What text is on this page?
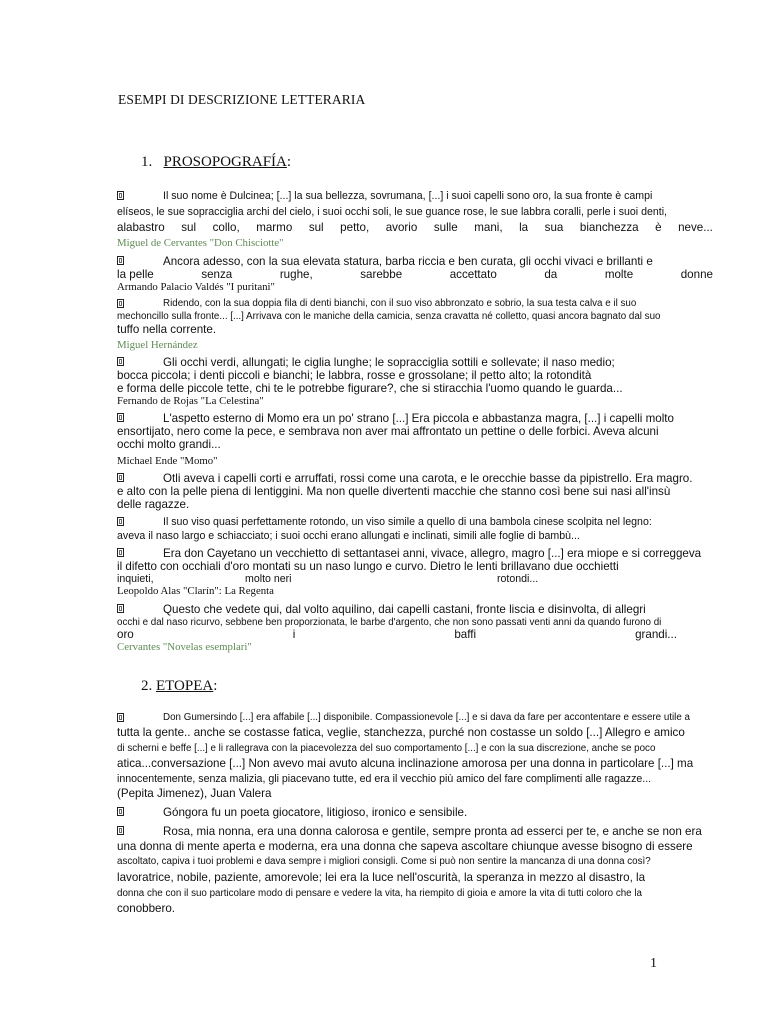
ESEMPI DI DESCRIZIONE LETTERARIA
1. PROSOPOGRAFÍA:
Il suo nome è Dulcinea; [...] la sua bellezza, sovrumana, [...] i suoi capelli sono oro, la sua fronte è campi
elíseos, le sue sopracciglia archi del cielo, i suoi occhi soli, le sue guance rose, le sue labbra coralli, perle i suoi denti,
alabastro sul collo, marmo sul petto, avorio sulle mani, la sua bianchezza è neve...
Miguel de Cervantes "Don Chisciotte"
Ancora adesso, con la sua elevata statura, barba riccia e ben curata, gli occhi vivaci e brillanti e
la pelle	senza	rughe,	sarebbe	accettato	da	molte	donne
Armando Palacio Valdés "I puritani"
Ridendo, con la sua doppia fila di denti bianchi, con il suo viso abbronzato e sobrio, la sua testa calva e il suo
mechoncillo sulla fronte... [...] Arrivava con le maniche della camicia, senza cravatta né colletto, quasi ancora bagnato dal suo
tuffo nella corrente.
Miguel Hernández
Gli occhi verdi, allungati; le ciglia lunghe; le sopracciglia sottili e sollevate; il naso medio;
bocca piccola; i denti piccoli e bianchi; le labbra, rosse e grossolane; il petto alto; la rotondità
e forma delle piccole tette, chi te le potrebbe figurare?, che si stiracchia l'uomo quando le guarda...
Fernando de Rojas "La Celestina"
L'aspetto esterno di Momo era un po' strano [...] Era piccola e abbastanza magra, [...] i capelli molto
ensortijato, nero come la pece, e sembrava non aver mai affrontato un pettine o delle forbici. Aveva alcuni
occhi molto grandi...
Michael Ende "Momo"
Otli aveva i capelli corti e arruffati, rossi come una carota, e le orecchie basse da pipistrello. Era magro.
e alto con la pelle piena di lentiggini. Ma non quelle divertenti macchie che stanno così bene sui nasi all'insù
delle ragazze.
Il suo viso quasi perfettamente rotondo, un viso simile a quello di una bambola cinese scolpita nel legno:
aveva il naso largo e schiacciato; i suoi occhi erano allungati e inclinati, simili alle foglie di bambù...
Era don Cayetano un vecchietto di settantasei anni, vivace, allegro, magro [...] era miope e si correggeva
il difetto con occhiali d'oro montati su un naso lungo e curvo. Dietro le lenti brillavano due occhietti
inquieti,	molto neri	rotondi...
Leopoldo Alas "Clarín": La Regenta
Questo che vedete qui, dal volto aquilino, dai capelli castani, fronte liscia e disinvolta, di allegri
occhi e dal naso ricurvo, sebbene ben proporzionata, le barbe d'argento, che non sono passati venti anni da quando furono di
oro	i	baffi	grandi...
Cervantes "Novelas esemplari"
2. ETOPEA:
Don Gumersindo [...] era affabile [...] disponibile. Compassionevole [...] e si dava da fare per accontentare e essere utile a
tutta la gente.. anche se costasse fatica, veglie, stanchezza, purché non costasse un soldo [...] Allegro e amico
di scherni e beffe [...] e li rallegrava con la piacevolezza del suo comportamento [...] e con la sua discrezione, anche se poco
atica...conversazione [...] Non avevo mai avuto alcuna inclinazione amorosa per una donna in particolare [...] ma
innocentemente, senza malizia, gli piacevano tutte, ed era il vecchio più amico del fare complimenti alle ragazze...
(Pepita Jimenez), Juan Valera
Góngora fu un poeta giocatore, litigioso, ironico e sensibile.
Rosa, mia nonna, era una donna calorosa e gentile, sempre pronta ad esserci per te, e anche se non era
una donna di mente aperta e moderna, era una donna che sapeva ascoltare chiunque avesse bisogno di essere
ascoltato, capiva i tuoi problemi e dava sempre i migliori consigli. Come si può non sentire la mancanza di una donna così?
lavoratrice, nobile, paziente, amorevole; lei era la luce nell'oscurità, la speranza in mezzo al disastro, la
donna che con il suo particolare modo di pensare e vedere la vita, ha riempito di gioia e amore la vita di tutti coloro che la
conobbero.
1
